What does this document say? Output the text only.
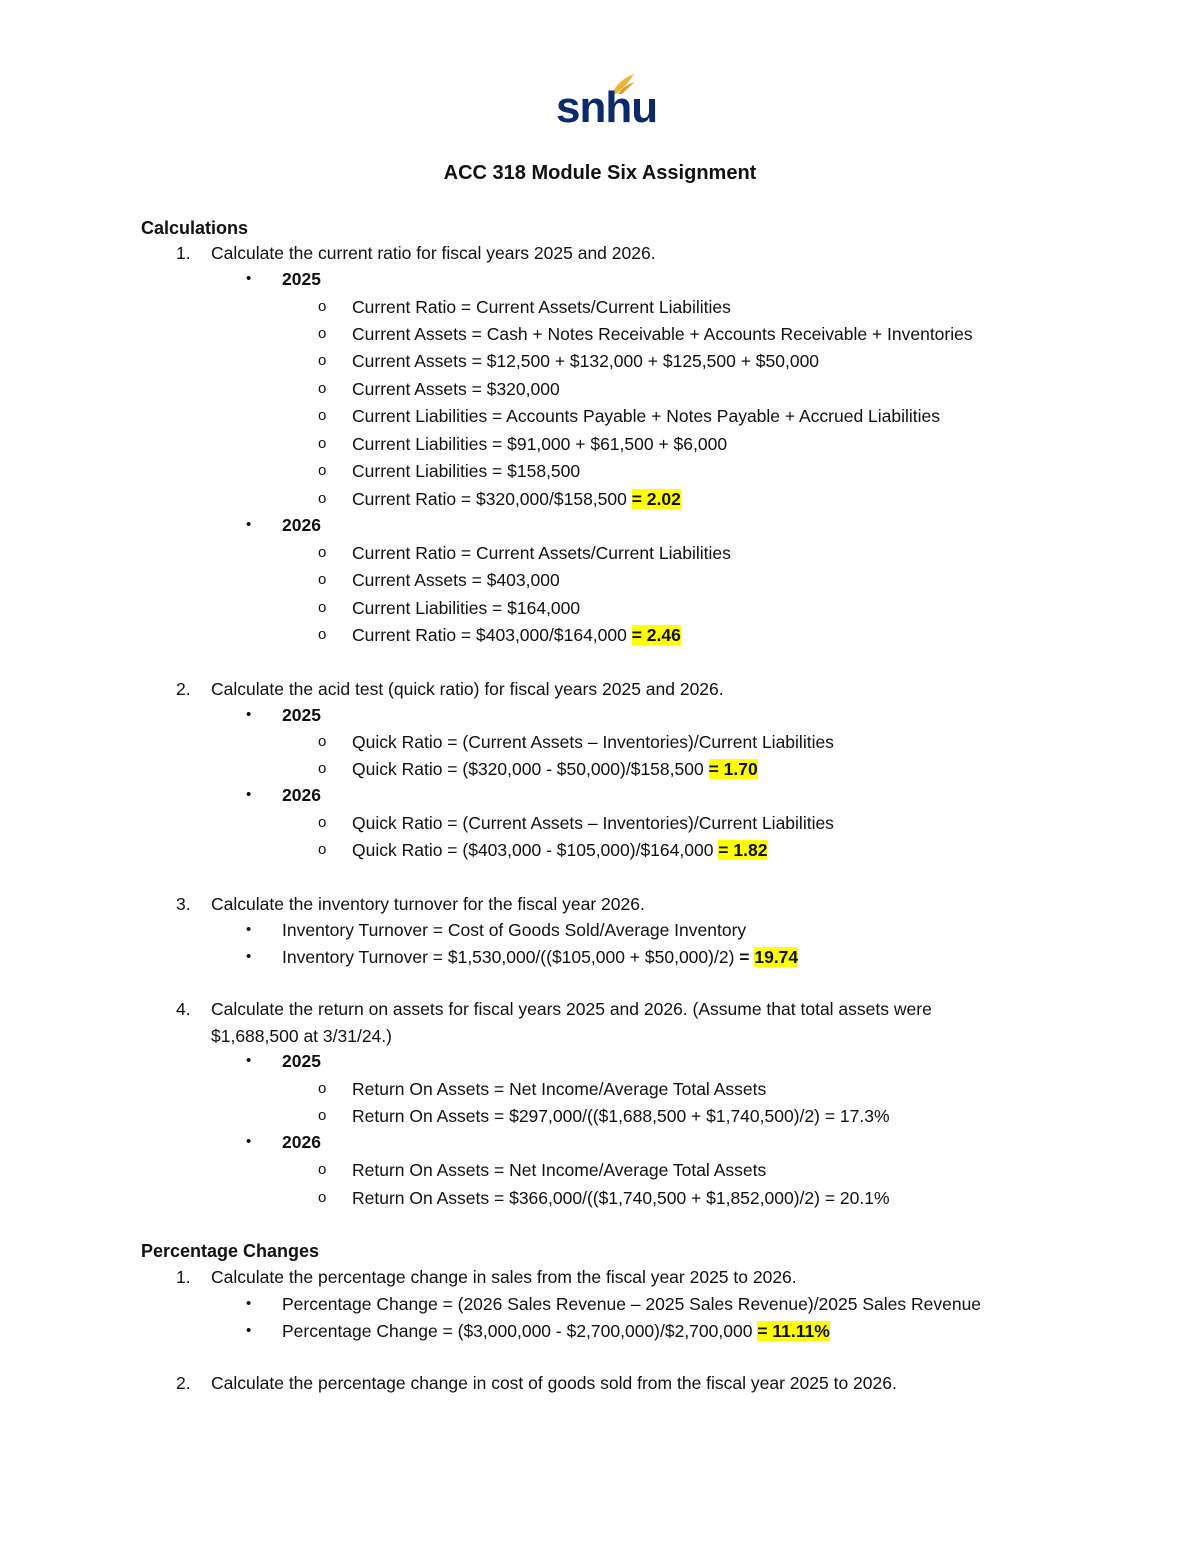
snhu
ACC 318 Module Six Assignment
Calculations
1. Calculate the current ratio for fiscal years 2025 and 2026.
• 2025
o Current Ratio = Current Assets/Current Liabilities
o Current Assets = Cash + Notes Receivable + Accounts Receivable + Inventories
o Current Assets = $12,500 + $132,000 + $125,500 + $50,000
o Current Assets = $320,000
o Current Liabilities = Accounts Payable + Notes Payable + Accrued Liabilities
o Current Liabilities = $91,000 + $61,500 + $6,000
o Current Liabilities = $158,500
o Current Ratio = $320,000/$158,500 = 2.02
• 2026
o Current Ratio = Current Assets/Current Liabilities
o Current Assets = $403,000
o Current Liabilities = $164,000
o Current Ratio = $403,000/$164,000 = 2.46
2. Calculate the acid test (quick ratio) for fiscal years 2025 and 2026.
• 2025
o Quick Ratio = (Current Assets – Inventories)/Current Liabilities
o Quick Ratio = ($320,000 - $50,000)/$158,500 = 1.70
• 2026
o Quick Ratio = (Current Assets – Inventories)/Current Liabilities
o Quick Ratio = ($403,000 - $105,000)/$164,000 = 1.82
3. Calculate the inventory turnover for the fiscal year 2026.
• Inventory Turnover = Cost of Goods Sold/Average Inventory
• Inventory Turnover = $1,530,000/(($105,000 + $50,000)/2) = 19.74
4. Calculate the return on assets for fiscal years 2025 and 2026. (Assume that total assets were
$1,688,500 at 3/31/24.)
• 2025
o Return On Assets = Net Income/Average Total Assets
o Return On Assets = $297,000/(($1,688,500 + $1,740,500)/2) = 17.3%
• 2026
o Return On Assets = Net Income/Average Total Assets
o Return On Assets = $366,000/(($1,740,500 + $1,852,000)/2) = 20.1%
Percentage Changes
1. Calculate the percentage change in sales from the fiscal year 2025 to 2026.
• Percentage Change = (2026 Sales Revenue – 2025 Sales Revenue)/2025 Sales Revenue
• Percentage Change = ($3,000,000 - $2,700,000)/$2,700,000 = 11.11%
2. Calculate the percentage change in cost of goods sold from the fiscal year 2025 to 2026.
